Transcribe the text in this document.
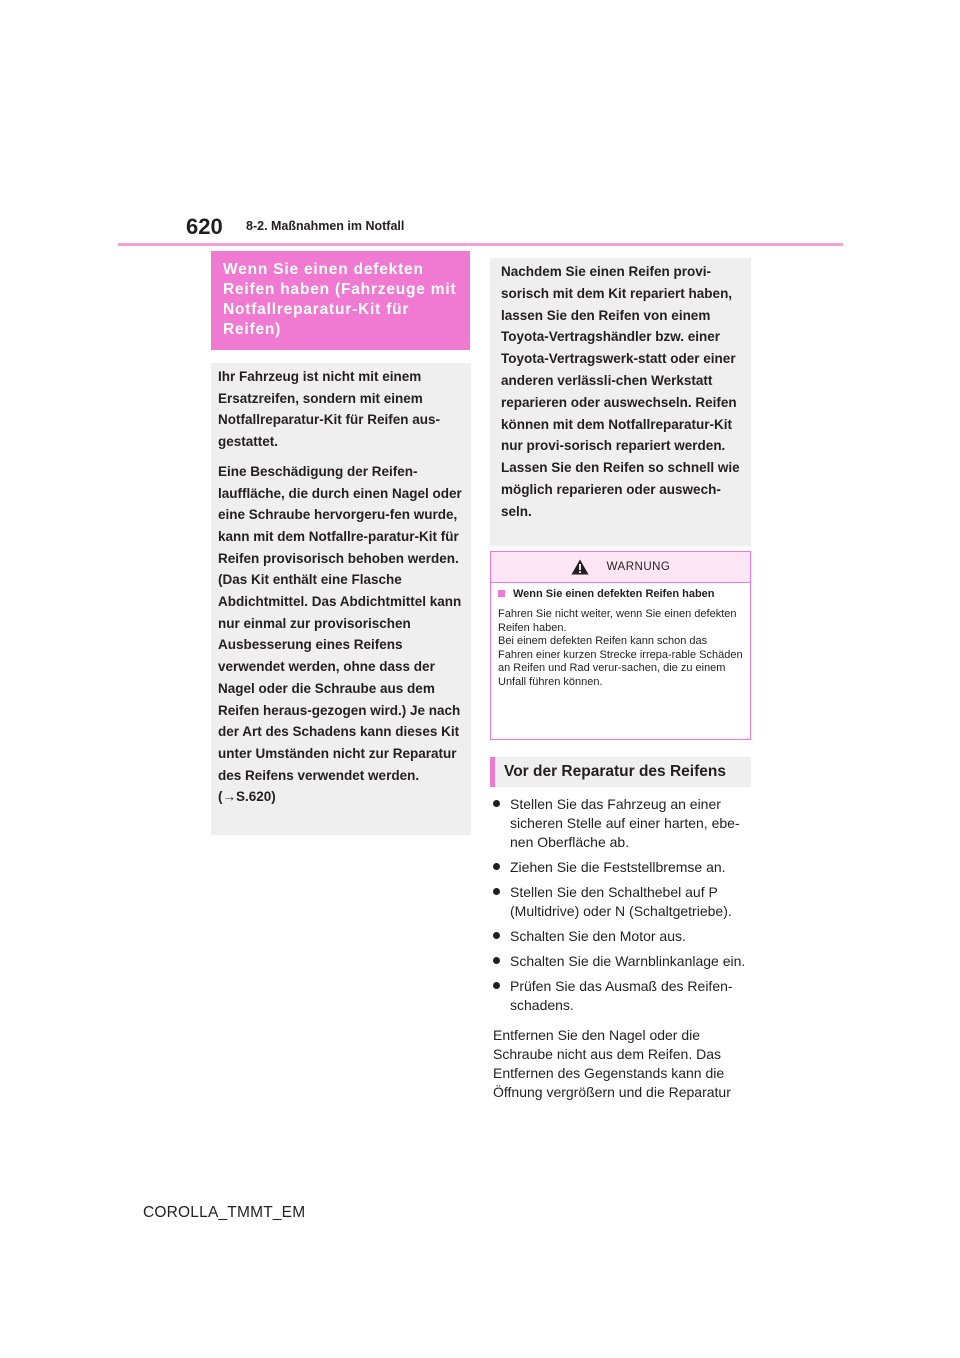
620 8-2. Maßnahmen im Notfall
Wenn Sie einen defekten Reifen haben (Fahrzeuge mit Notfallreparatur-Kit für Reifen)

Ihr Fahrzeug ist nicht mit einem Ersatzreifen, sondern mit einem Notfallreparatur-Kit für Reifen aus-gestattet.

Eine Beschädigung der Reifen-lauffläche, die durch einen Nagel oder eine Schraube hervorgeru-fen wurde, kann mit dem Notfallre-paratur-Kit für Reifen provisorisch behoben werden. (Das Kit enthält eine Flasche Abdichtmittel. Das Abdichtmittel kann nur einmal zur provisorischen Ausbesserung eines Reifens verwendet werden, ohne dass der Nagel oder die Schraube aus dem Reifen heraus-gezogen wird.) Je nach der Art des Schadens kann dieses Kit unter Umständen nicht zur Reparatur des Reifens verwendet werden. (→S.620)

Nachdem Sie einen Reifen provi-sorisch mit dem Kit repariert haben, lassen Sie den Reifen von einem Toyota-Vertragshändler bzw. einer Toyota-Vertragswerk-statt oder einer anderen verlässli-chen Werkstatt reparieren oder auswechseln. Reifen können mit dem Notfallreparatur-Kit nur provi-sorisch repariert werden. Lassen Sie den Reifen so schnell wie möglich reparieren oder auswech-seln.

WARNUNG
Wenn Sie einen defekten Reifen haben

Fahren Sie nicht weiter, wenn Sie einen defekten Reifen haben.

Bei einem defekten Reifen kann schon das Fahren einer kurzen Strecke irrepa-rable Schäden an Reifen und Rad verur-sachen, die zu einem Unfall führen können.

Vor der Reparatur des Reifens
Stellen Sie das Fahrzeug an einer sicheren Stelle auf einer harten, ebe-nen Oberfläche ab.
Ziehen Sie die Feststellbremse an.
Stellen Sie den Schalthebel auf P (Multidrive) oder N (Schaltgetriebe).
Schalten Sie den Motor aus.
Schalten Sie die Warnblinkanlage ein.
Prüfen Sie das Ausmaß des Reifen-schadens.

Entfernen Sie den Nagel oder die Schraube nicht aus dem Reifen. Das Entfernen des Gegenstands kann die Öffnung vergrößern und die Reparatur

COROLLA_TMMT_EM
